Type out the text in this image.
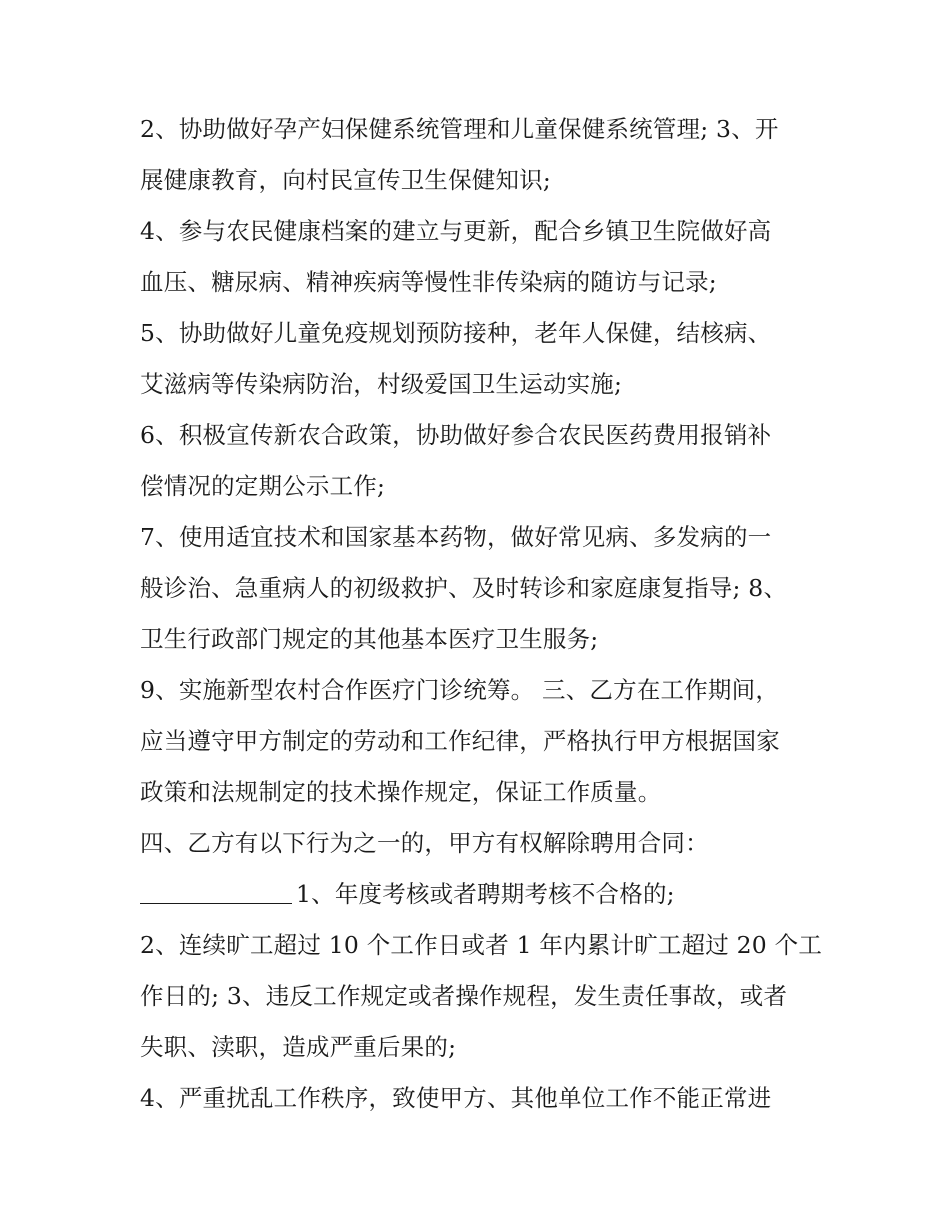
2、协助做好孕产妇保健系统管理和儿童保健系统管理; 3、开
展健康教育，向村民宣传卫生保健知识;
4、参与农民健康档案的建立与更新，配合乡镇卫生院做好高
血压、糖尿病、精神疾病等慢性非传染病的随访与记录;
5、协助做好儿童免疫规划预防接种，老年人保健，结核病、
艾滋病等传染病防治，村级爱国卫生运动实施;
6、积极宣传新农合政策，协助做好参合农民医药费用报销补
偿情况的定期公示工作;
7、使用适宜技术和国家基本药物，做好常见病、多发病的一
般诊治、急重病人的初级救护、及时转诊和家庭康复指导; 8、
卫生行政部门规定的其他基本医疗卫生服务;
9、实施新型农村合作医疗门诊统筹。 三、乙方在工作期间，
应当遵守甲方制定的劳动和工作纪律，严格执行甲方根据国家
政策和法规制定的技术操作规定，保证工作质量。
四、乙方有以下行为之一的，甲方有权解除聘用合同：
1、年度考核或者聘期考核不合格的;
2、连续旷工超过 10 个工作日或者 1 年内累计旷工超过 20 个工
作日的; 3、违反工作规定或者操作规程，发生责任事故，或者
失职、渎职，造成严重后果的;
4、严重扰乱工作秩序，致使甲方、其他单位工作不能正常进
